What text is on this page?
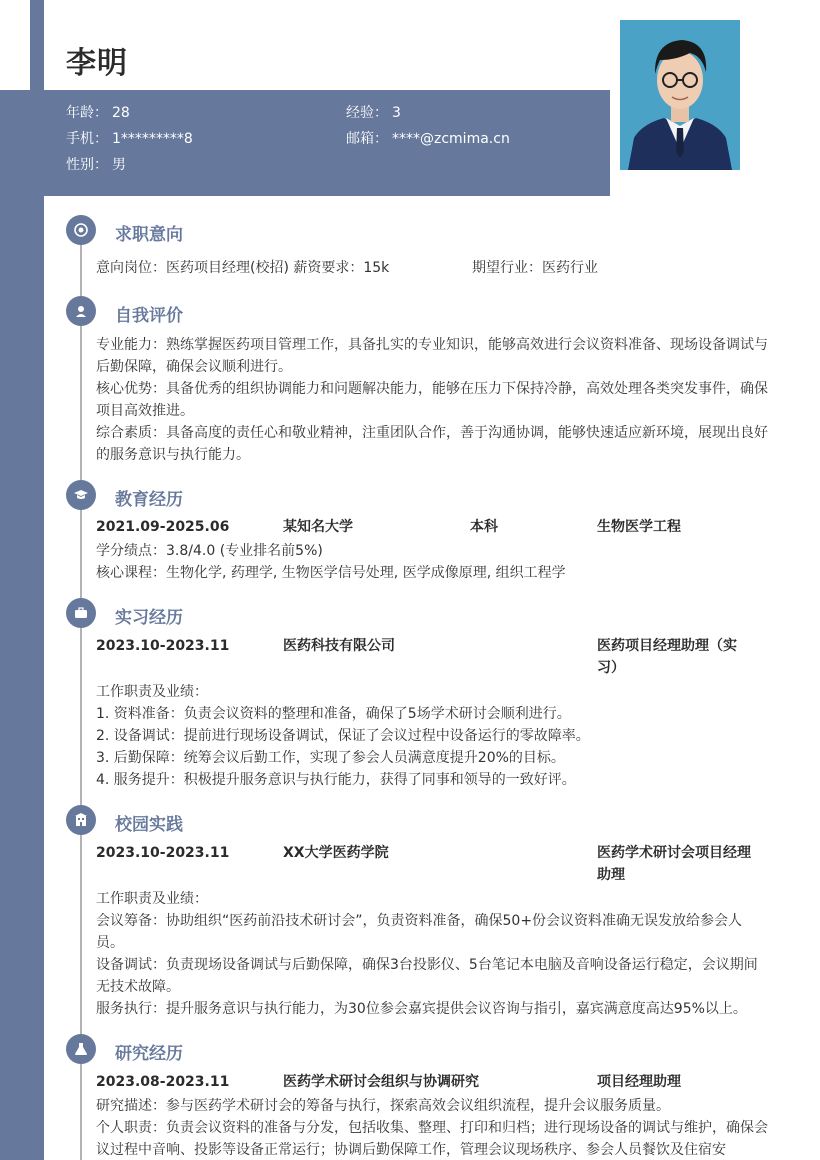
李明
年龄： 28	经验： 3
手机： 1*********8	邮箱： ****@zcmima.cn
性别： 男
求职意向
意向岗位：医药项目经理(校招) 薪资要求：15k	期望行业：医药行业
自我评价
专业能力：熟练掌握医药项目管理工作，具备扎实的专业知识，能够高效进行会议资料准备、现场设备调试与后勤保障，确保会议顺利进行。
核心优势：具备优秀的组织协调能力和问题解决能力，能够在压力下保持冷静，高效处理各类突发事件，确保项目高效推进。
综合素质：具备高度的责任心和敬业精神，注重团队合作，善于沟通协调，能够快速适应新环境，展现出良好的服务意识与执行能力。
教育经历
2021.09-2025.06	某知名大学	本科	生物医学工程
学分绩点：3.8/4.0 (专业排名前5%)
核心课程：生物化学, 药理学, 生物医学信号处理, 医学成像原理, 组织工程学
实习经历
2023.10-2023.11	医药科技有限公司	医药项目经理助理（实习）
工作职责及业绩：
1. 资料准备：负责会议资料的整理和准备，确保了5场学术研讨会顺利进行。
2. 设备调试：提前进行现场设备调试，保证了会议过程中设备运行的零故障率。
3. 后勤保障：统筹会议后勤工作，实现了参会人员满意度提升20%的目标。
4. 服务提升：积极提升服务意识与执行能力，获得了同事和领导的一致好评。
校园实践
2023.10-2023.11	XX大学医药学院	医药学术研讨会项目经理助理
工作职责及业绩：
会议筹备：协助组织“医药前沿技术研讨会”，负责资料准备，确保50+份会议资料准确无误发放给参会人员。
设备调试：负责现场设备调试与后勤保障，确保3台投影仪、5台笔记本电脑及音响设备运行稳定，会议期间无技术故障。
服务执行：提升服务意识与执行能力，为30位参会嘉宾提供会议咨询与指引，嘉宾满意度高达95%以上。
研究经历
2023.08-2023.11	医药学术研讨会组织与协调研究	项目经理助理
研究描述：参与医药学术研讨会的筹备与执行，探索高效会议组织流程，提升会议服务质量。
个人职责：负责会议资料的准备与分发，包括收集、整理、打印和归档；进行现场设备的调试与维护，确保会议过程中音响、投影等设备正常运行；协调后勤保障工作，管理会议现场秩序、参会人员餐饮及住宿安
